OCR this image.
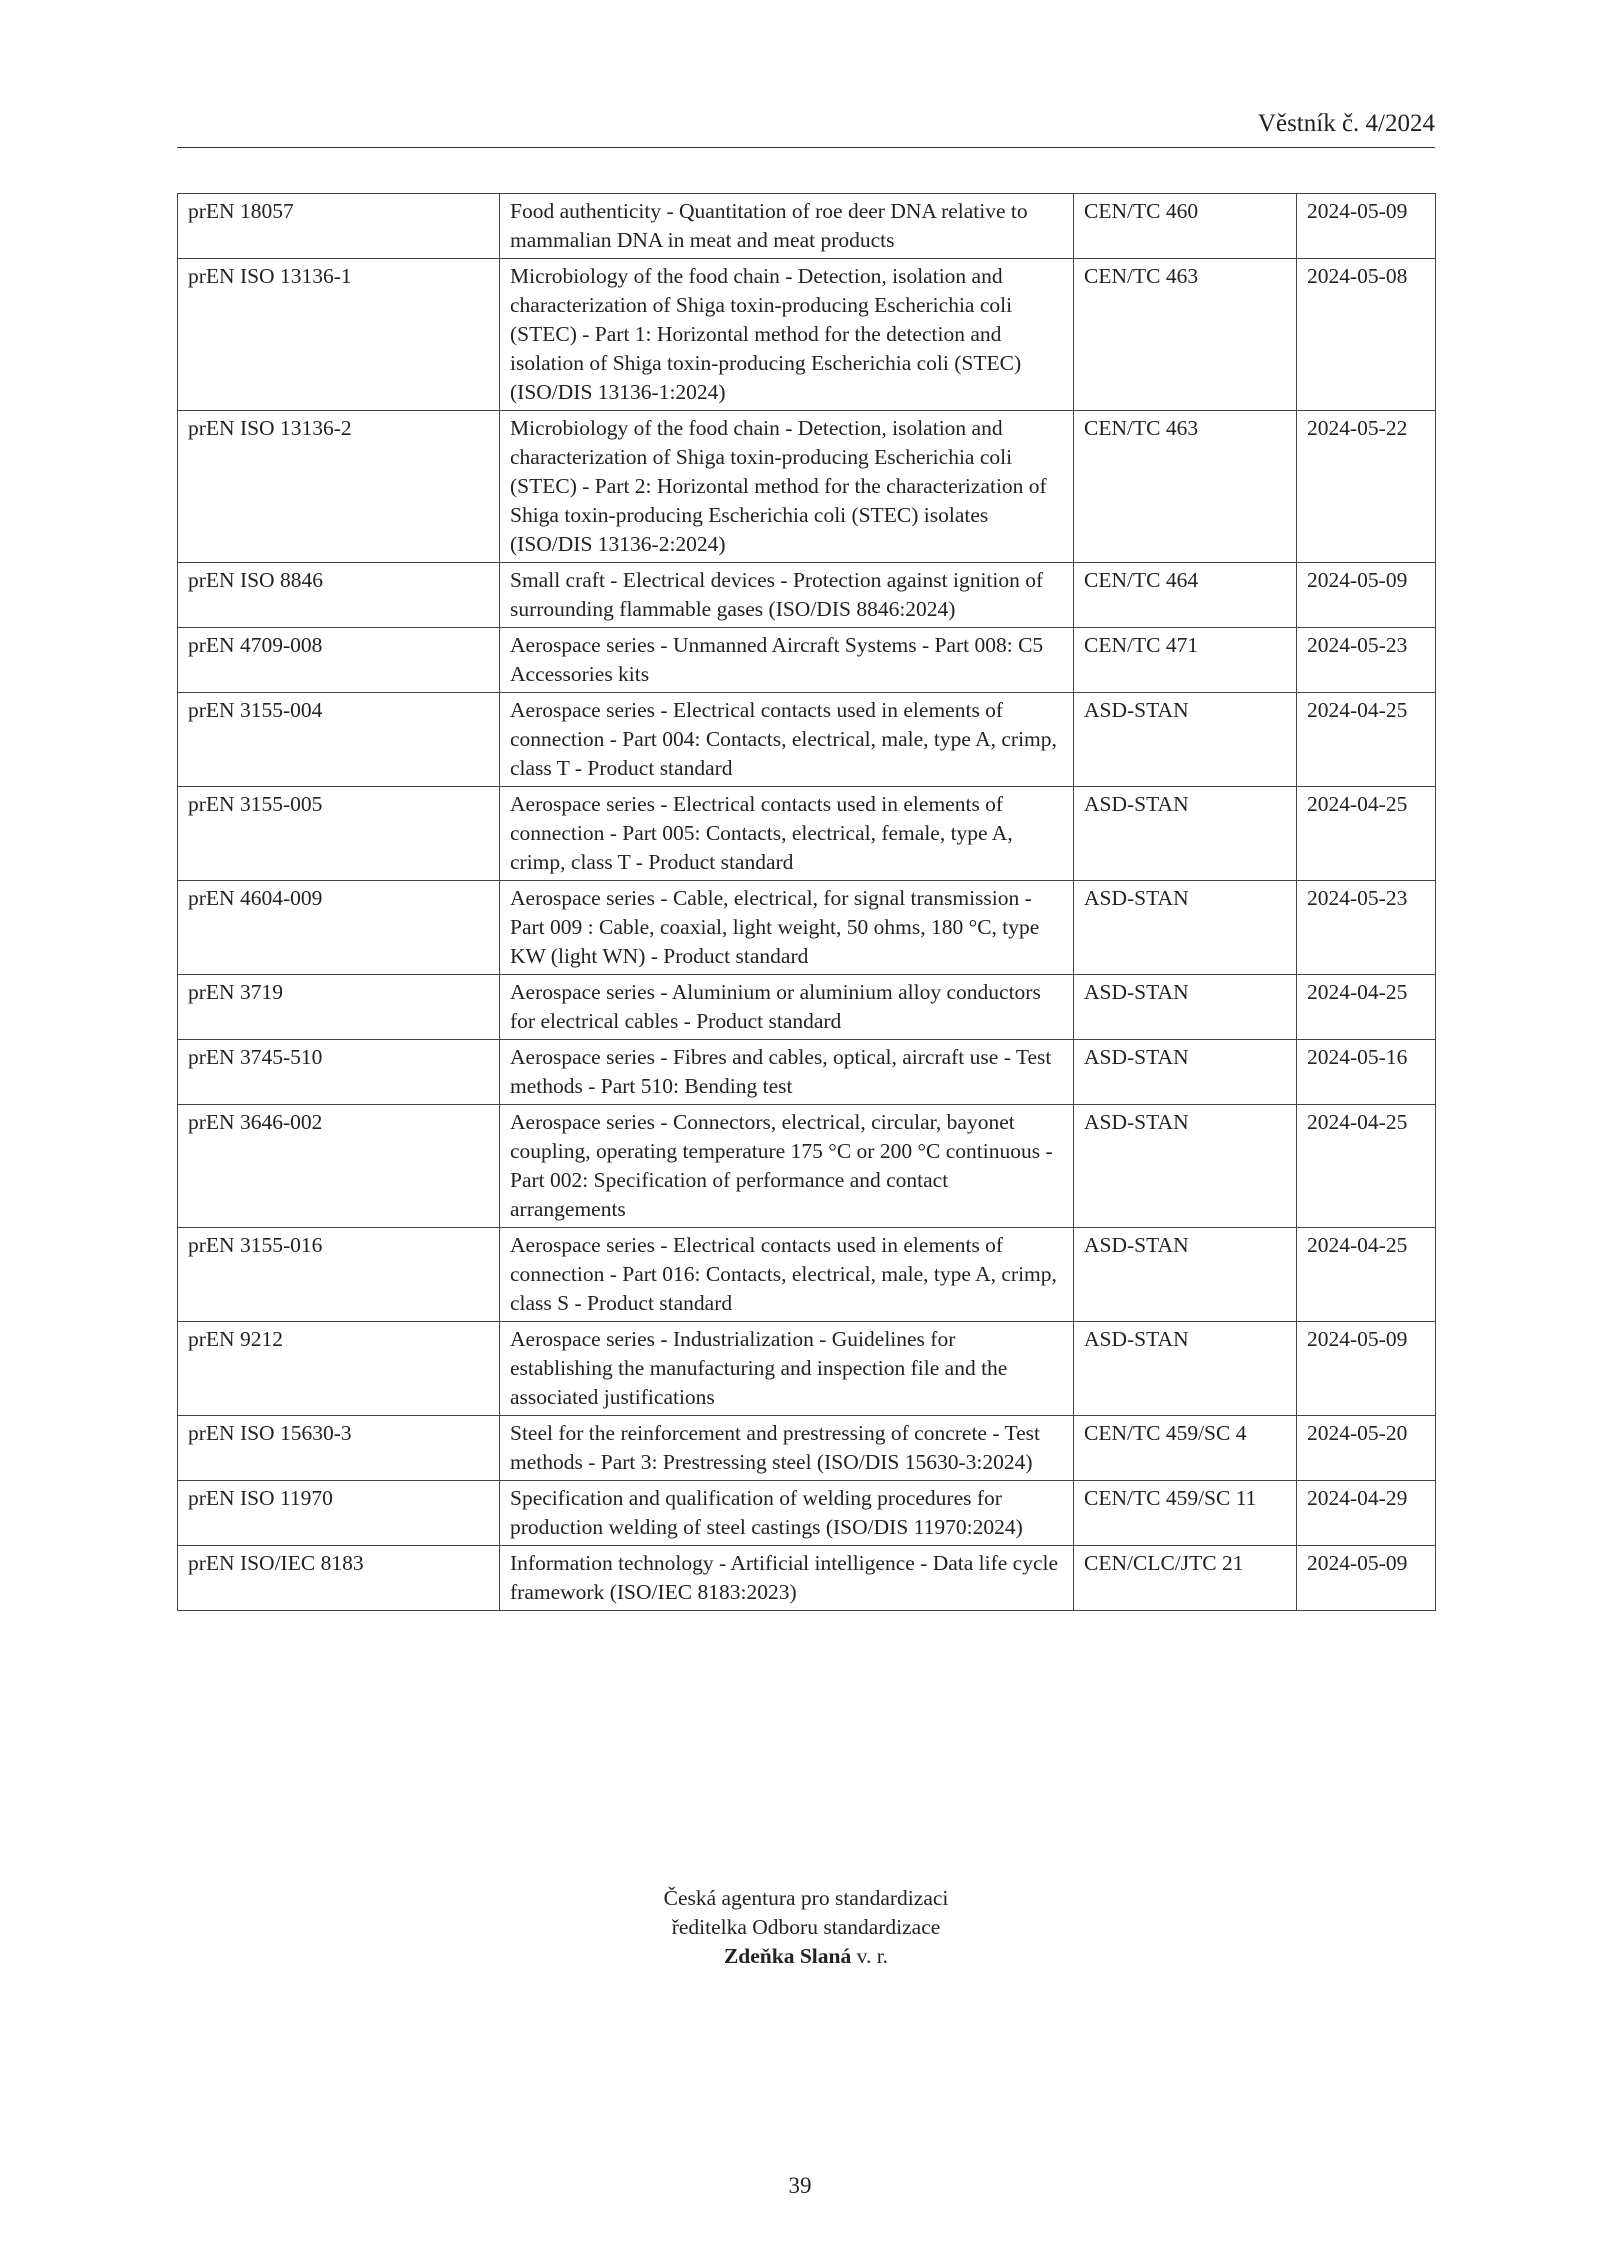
Věstník č. 4/2024
prEN 18057	Food authenticity - Quantitation of roe deer DNA relative to mammalian DNA in meat and meat products	CEN/TC 460	2024-05-09
prEN ISO 13136-1	Microbiology of the food chain - Detection, isolation and characterization of Shiga toxin-producing Escherichia coli (STEC) - Part 1: Horizontal method for the detection and isolation of Shiga toxin-producing Escherichia coli (STEC) (ISO/DIS 13136-1:2024)	CEN/TC 463	2024-05-08
prEN ISO 13136-2	Microbiology of the food chain - Detection, isolation and characterization of Shiga toxin-producing Escherichia coli (STEC) - Part 2: Horizontal method for the characterization of Shiga toxin-producing Escherichia coli (STEC) isolates (ISO/DIS 13136-2:2024)	CEN/TC 463	2024-05-22
prEN ISO 8846	Small craft - Electrical devices - Protection against ignition of surrounding flammable gases (ISO/DIS 8846:2024)	CEN/TC 464	2024-05-09
prEN 4709-008	Aerospace series - Unmanned Aircraft Systems - Part 008: C5 Accessories kits	CEN/TC 471	2024-05-23
prEN 3155-004	Aerospace series - Electrical contacts used in elements of connection - Part 004: Contacts, electrical, male, type A, crimp, class T - Product standard	ASD-STAN	2024-04-25
prEN 3155-005	Aerospace series - Electrical contacts used in elements of connection - Part 005: Contacts, electrical, female, type A, crimp, class T - Product standard	ASD-STAN	2024-04-25
prEN 4604-009	Aerospace series - Cable, electrical, for signal transmission - Part 009 : Cable, coaxial, light weight, 50 ohms, 180 °C, type KW (light WN) - Product standard	ASD-STAN	2024-05-23
prEN 3719	Aerospace series - Aluminium or aluminium alloy conductors for electrical cables - Product standard	ASD-STAN	2024-04-25
prEN 3745-510	Aerospace series - Fibres and cables, optical, aircraft use - Test methods - Part 510: Bending test	ASD-STAN	2024-05-16
prEN 3646-002	Aerospace series - Connectors, electrical, circular, bayonet coupling, operating temperature 175 °C or 200 °C continuous - Part 002: Specification of performance and contact arrangements	ASD-STAN	2024-04-25
prEN 3155-016	Aerospace series - Electrical contacts used in elements of connection - Part 016: Contacts, electrical, male, type A, crimp, class S - Product standard	ASD-STAN	2024-04-25
prEN 9212	Aerospace series - Industrialization - Guidelines for establishing the manufacturing and inspection file and the associated justifications	ASD-STAN	2024-05-09
prEN ISO 15630-3	Steel for the reinforcement and prestressing of concrete - Test methods - Part 3: Prestressing steel (ISO/DIS 15630-3:2024)	CEN/TC 459/SC 4	2024-05-20
prEN ISO 11970	Specification and qualification of welding procedures for production welding of steel castings (ISO/DIS 11970:2024)	CEN/TC 459/SC 11	2024-04-29
prEN ISO/IEC 8183	Information technology - Artificial intelligence - Data life cycle framework (ISO/IEC 8183:2023)	CEN/CLC/JTC 21	2024-05-09
Česká agentura pro standardizaci
ředitelka Odboru standardizace
Zdeňka Slaná v. r.
39
